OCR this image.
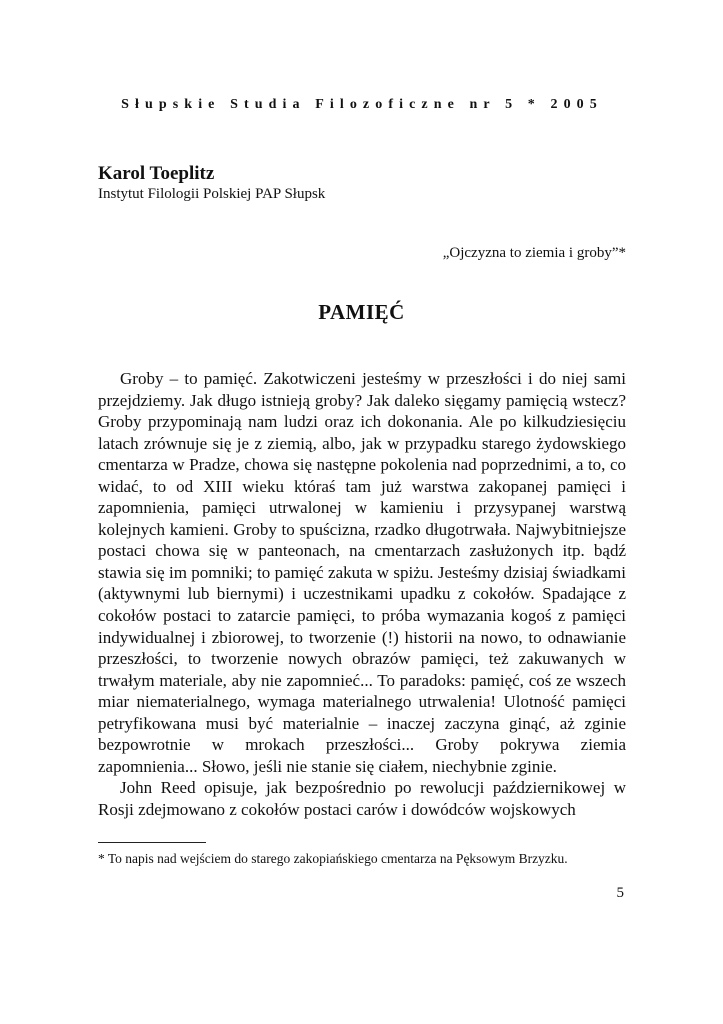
Słupskie Studia Filozoficzne nr 5 * 2005
Karol Toeplitz
Instytut Filologii Polskiej PAP Słupsk
„Ojczyzna to ziemia i groby”*
PAMIĘĆ

Groby – to pamięć. Zakotwiczeni jesteśmy w przeszłości i do niej sami przejdziemy. Jak długo istnieją groby? Jak daleko sięgamy pamięcią wstecz? Groby przypominają nam ludzi oraz ich dokonania. Ale po kilkudziesięciu latach zrównuje się je z ziemią, albo, jak w przypadku starego żydowskiego cmentarza w Pradze, chowa się następne pokolenia nad poprzednimi, a to, co widać, to od XIII wieku któraś tam już warstwa zakopanej pamięci i zapomnienia, pamięci utrwalonej w kamieniu i przysypanej warstwą kolejnych kamieni. Groby to spuścizna, rzadko długotrwała. Najwybitniejsze postaci chowa się w panteonach, na cmentarzach zasłużonych itp. bądź stawia się im pomniki; to pamięć zakuta w spiżu. Jesteśmy dzisiaj świadkami (aktywnymi lub biernymi) i uczestnikami upadku z cokołów. Spadające z cokołów postaci to zatarcie pamięci, to próba wymazania kogoś z pamięci indywidualnej i zbiorowej, to tworzenie (!) historii na nowo, to odnawianie przeszłości, to tworzenie nowych obrazów pamięci, też zakuwanych w trwałym materiale, aby nie zapomnieć... To paradoks: pamięć, coś ze wszech miar niematerialnego, wymaga materialnego utrwalenia! Ulotność pamięci petryfikowana musi być materialnie – inaczej zaczyna ginąć, aż zginie bezpowrotnie w mrokach przeszłości... Groby pokrywa ziemia zapomnienia... Słowo, jeśli nie stanie się ciałem, niechybnie zginie.

John Reed opisuje, jak bezpośrednio po rewolucji październikowej w Rosji zdejmowano z cokołów postaci carów i dowódców wojskowych

* To napis nad wejściem do starego zakopiańskiego cmentarza na Pęksowym Brzyzku.
5
